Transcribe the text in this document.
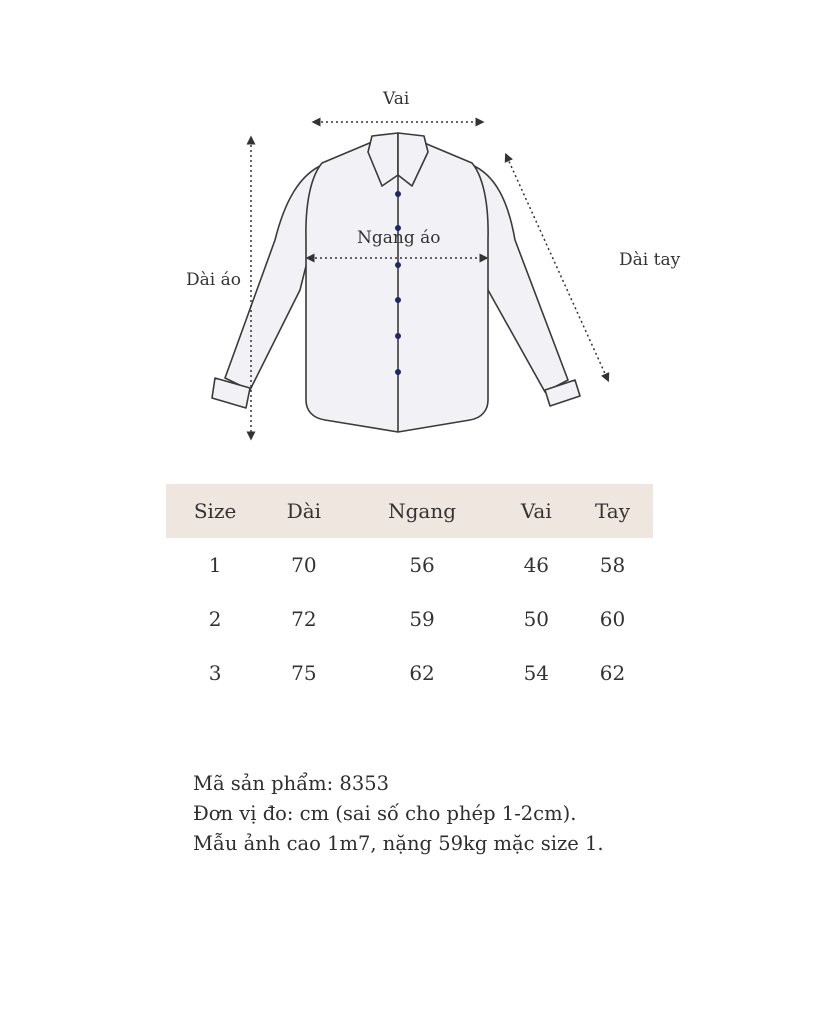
Vai
Ngang áo
Dài áo
Dài tay
Size	Dài	Ngang	Vai	Tay
1	70	56	46	58
2	72	59	50	60
3	75	62	54	62
Mã sản phẩm: 8353
Đơn vị đo: cm (sai số cho phép 1-2cm).
Mẫu ảnh cao 1m7, nặng 59kg mặc size 1.
